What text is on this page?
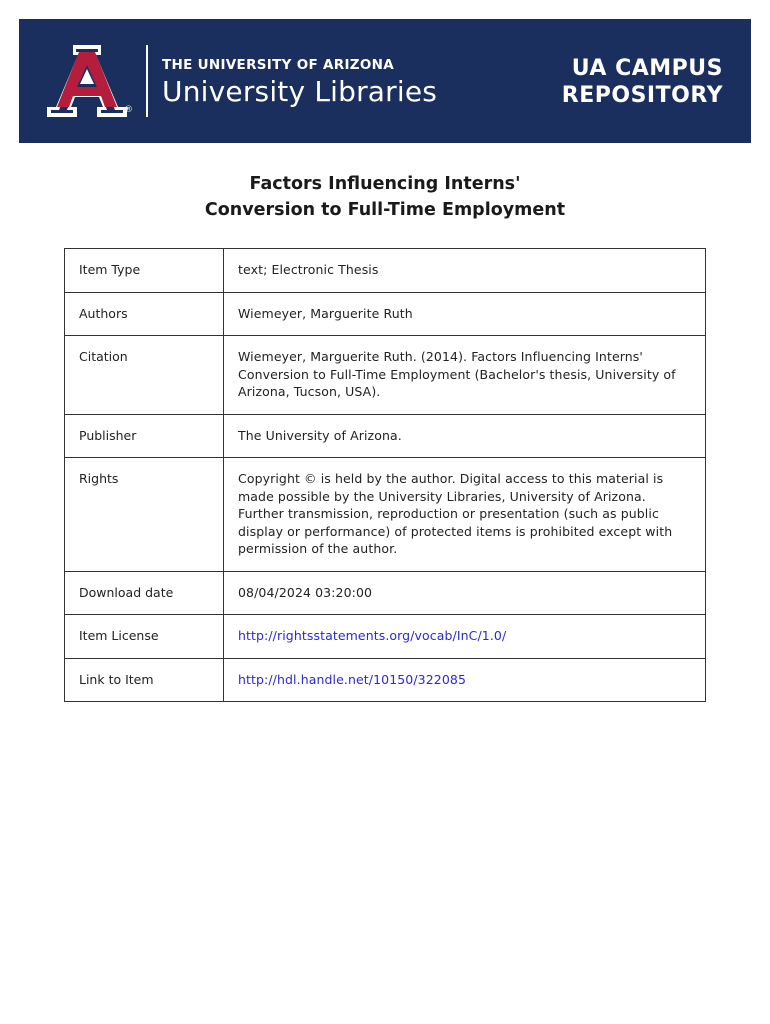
®
THE UNIVERSITY OF ARIZONA
University Libraries
UA CAMPUS
REPOSITORY
Factors Influencing Interns'
Conversion to Full-Time Employment
Item Type	text; Electronic Thesis
Authors	Wiemeyer, Marguerite Ruth
Citation	Wiemeyer, Marguerite Ruth. (2014). Factors Influencing Interns' Conversion to Full-Time Employment (Bachelor's thesis, University of Arizona, Tucson, USA).
Publisher	The University of Arizona.
Rights	Copyright © is held by the author. Digital access to this material is made possible by the University Libraries, University of Arizona. Further transmission, reproduction or presentation (such as public display or performance) of protected items is prohibited except with permission of the author.
Download date	08/04/2024 03:20:00
Item License	http://rightsstatements.org/vocab/InC/1.0/
Link to Item	http://hdl.handle.net/10150/322085
